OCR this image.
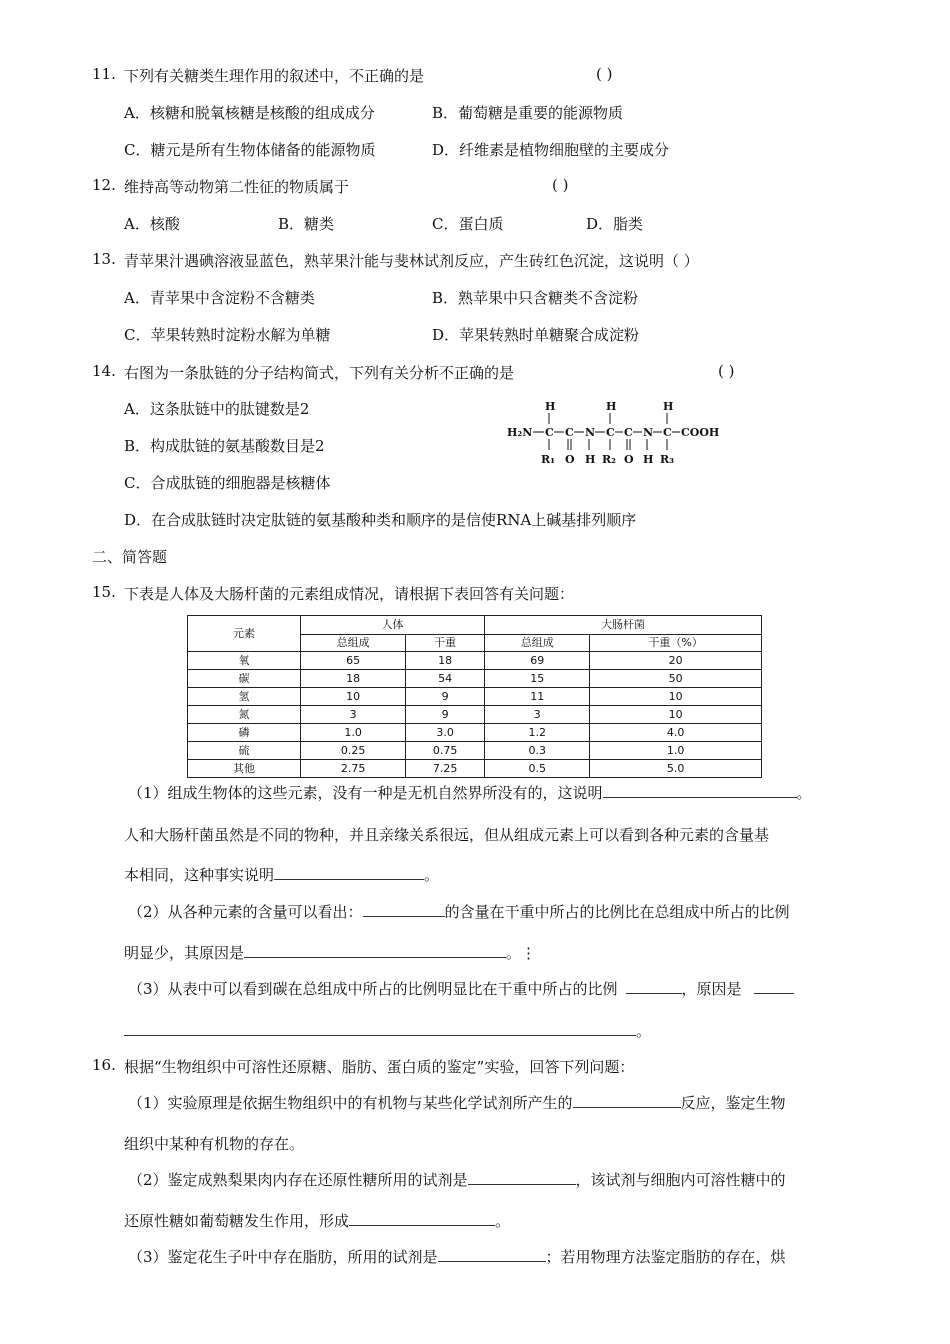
11. 下列有关糖类生理作用的叙述中，不正确的是	( )
A．核糖和脱氧核糖是核酸的组成成分	B．葡萄糖是重要的能源物质
C．糖元是所有生物体储备的能源物质	D．纤维素是植物细胞壁的主要成分
12. 维持高等动物第二性征的物质属于	( )
A．核酸	B．糖类	C．蛋白质	D．脂类
13. 青苹果汁遇碘溶液显蓝色，熟苹果汁能与斐林试剂反应，产生砖红色沉淀，这说明（ ）
A．青苹果中含淀粉不含糖类	B．熟苹果中只含糖类不含淀粉
C．苹果转熟时淀粉水解为单糖	D．苹果转熟时单糖聚合成淀粉
14. 右图为一条肽链的分子结构简式，下列有关分析不正确的是	( )
A．这条肽链中的肽键数是2
B．构成肽链的氨基酸数目是2
C．合成肽链的细胞器是核糖体
D．在合成肽链时决定肽链的氨基酸种类和顺序的是信使RNA上碱基排列顺序
H	H	H
H₂N C C N C C N C COOH
R₁ O H R₂ O H R₃
二、简答题
15. 下表是人体及大肠杆菌的元素组成情况，请根据下表回答有关问题：
元素	人体		大肠杆菌	
	总组成	干重	总组成	干重（%）
氧	65	18	69	20
碳	18	54	15	50
氢	10	9	11	10
氮	3	9	3	10
磷	1.0	3.0	1.2	4.0
硫	0.25	0.75	0.3	1.0
其他	2.75	7.25	0.5	5.0
（1）组成生物体的这些元素，没有一种是无机自然界所没有的，这说明	。
人和大肠杆菌虽然是不同的物种，并且亲缘关系很远，但从组成元素上可以看到各种元素的含量基
本相同，这种事实说明	。
（2）从各种元素的含量可以看出：	的含量在干重中所占的比例比在总组成中所占的比例
明显少，其原因是	。⋮
（3）从表中可以看到碳在总组成中所占的比例明显比在干重中所占的比例	，原因是
。
16. 根据“生物组织中可溶性还原糖、脂肪、蛋白质的鉴定”实验，回答下列问题：
（1）实验原理是依据生物组织中的有机物与某些化学试剂所产生的	反应，鉴定生物
组织中某种有机物的存在。
（2）鉴定成熟梨果肉内存在还原性糖所用的试剂是	，该试剂与细胞内可溶性糖中的
还原性糖如葡萄糖发生作用，形成	。
（3）鉴定花生子叶中存在脂肪，所用的试剂是	；若用物理方法鉴定脂肪的存在，烘
